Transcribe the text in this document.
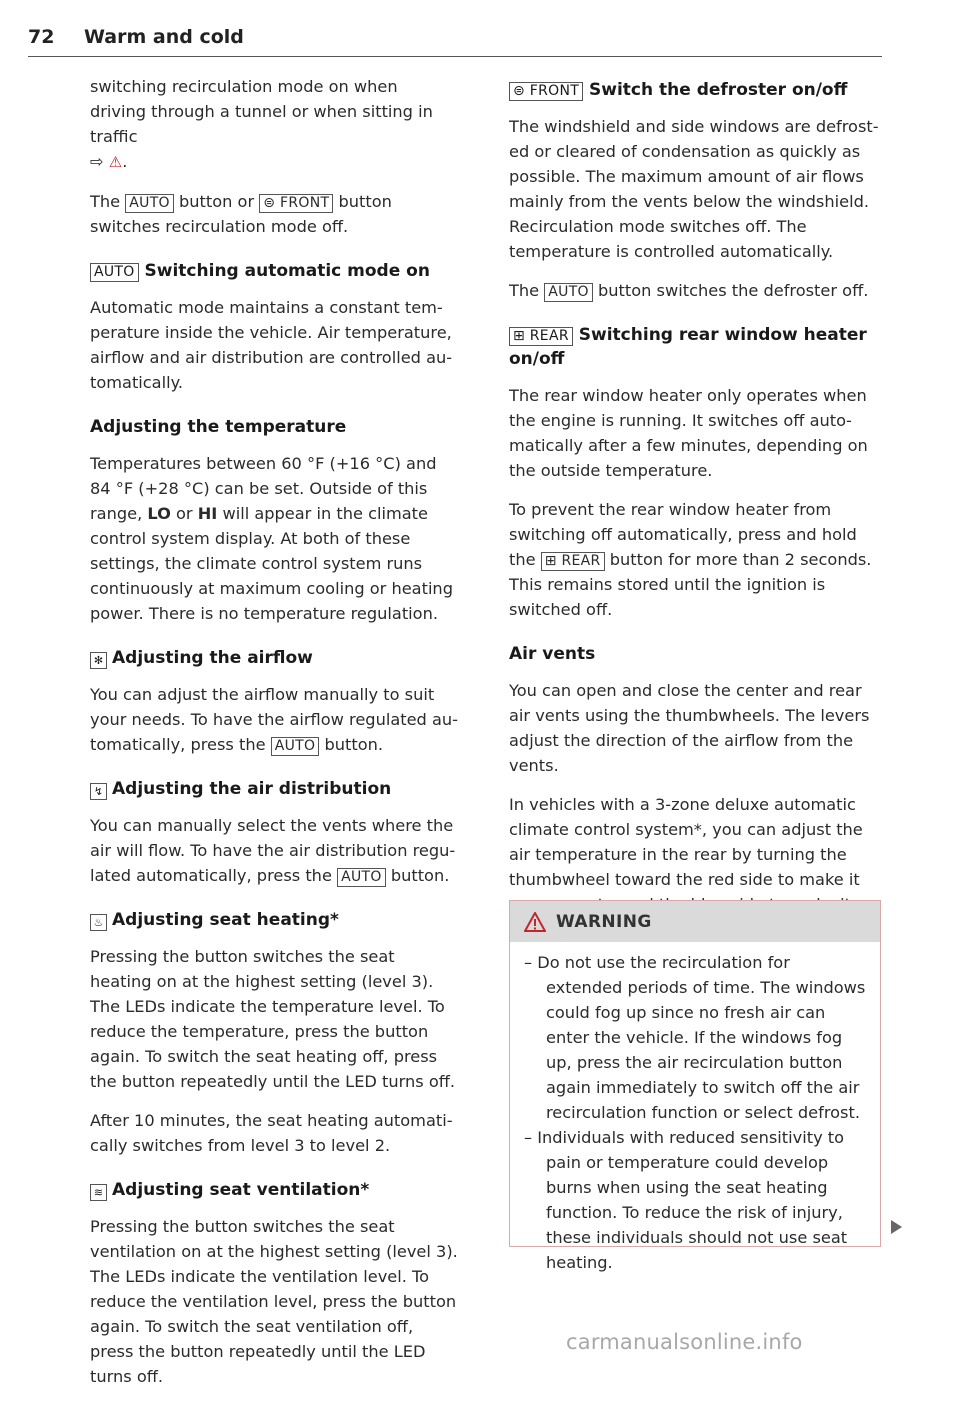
72 Warm and cold

switching recirculation mode on when driving through a tunnel or when sitting in traffic
⇨ ⚠.

The AUTO button or ⊜ FRONT button switches recirculation mode off.

AUTO Switching automatic mode on

Automatic mode maintains a constant temperature inside the vehicle. Air temperature, airflow and air distribution are controlled automatically.

Adjusting the temperature

Temperatures between 60 °F (+16 °C) and 84 °F (+28 °C) can be set. Outside of this range, LO or HI will appear in the climate control system display. At both of these settings, the climate control system runs continuously at maximum cooling or heating power. There is no temperature regulation.

✻ Adjusting the airflow

You can adjust the airflow manually to suit your needs. To have the airflow regulated automatically, press the AUTO button.

↯ Adjusting the air distribution

You can manually select the vents where the air will flow. To have the air distribution regulated automatically, press the AUTO button.

♨ Adjusting seat heating*

Pressing the button switches the seat heating on at the highest setting (level 3). The LEDs indicate the temperature level. To reduce the temperature, press the button again. To switch the seat heating off, press the button repeatedly until the LED turns off.

After 10 minutes, the seat heating automatically switches from level 3 to level 2.

≋ Adjusting seat ventilation*

Pressing the button switches the seat ventilation on at the highest setting (level 3). The LEDs indicate the ventilation level. To reduce the ventilation level, press the button again. To switch the seat ventilation off, press the button repeatedly until the LED turns off.

⊜ FRONT Switch the defroster on/off

The windshield and side windows are defrosted or cleared of condensation as quickly as possible. The maximum amount of air flows mainly from the vents below the windshield. Recirculation mode switches off. The temperature is controlled automatically.

The AUTO button switches the defroster off.

⊞ REAR Switching rear window heater on/off

The rear window heater only operates when the engine is running. It switches off automatically after a few minutes, depending on the outside temperature.

To prevent the rear window heater from switching off automatically, press and hold the ⊞ REAR button for more than 2 seconds. This remains stored until the ignition is switched off.

Air vents

You can open and close the center and rear air vents using the thumbwheels. The levers adjust the direction of the airflow from the vents.

In vehicles with a 3-zone deluxe automatic climate control system*, you can adjust the air temperature in the rear by turning the thumbwheel toward the red side to make it

WARNING
– Do not use the recirculation for extended periods of time. The windows could fog up since no fresh air can enter the vehicle. If the windows fog up, press the air recirculation button again immediately to switch off the air recirculation function or select defrost.
– Individuals with reduced sensitivity to pain or temperature could develop burns when using the seat heating function. To reduce the risk of injury, these individuals should not use seat heating.
carmanualsonline.info
